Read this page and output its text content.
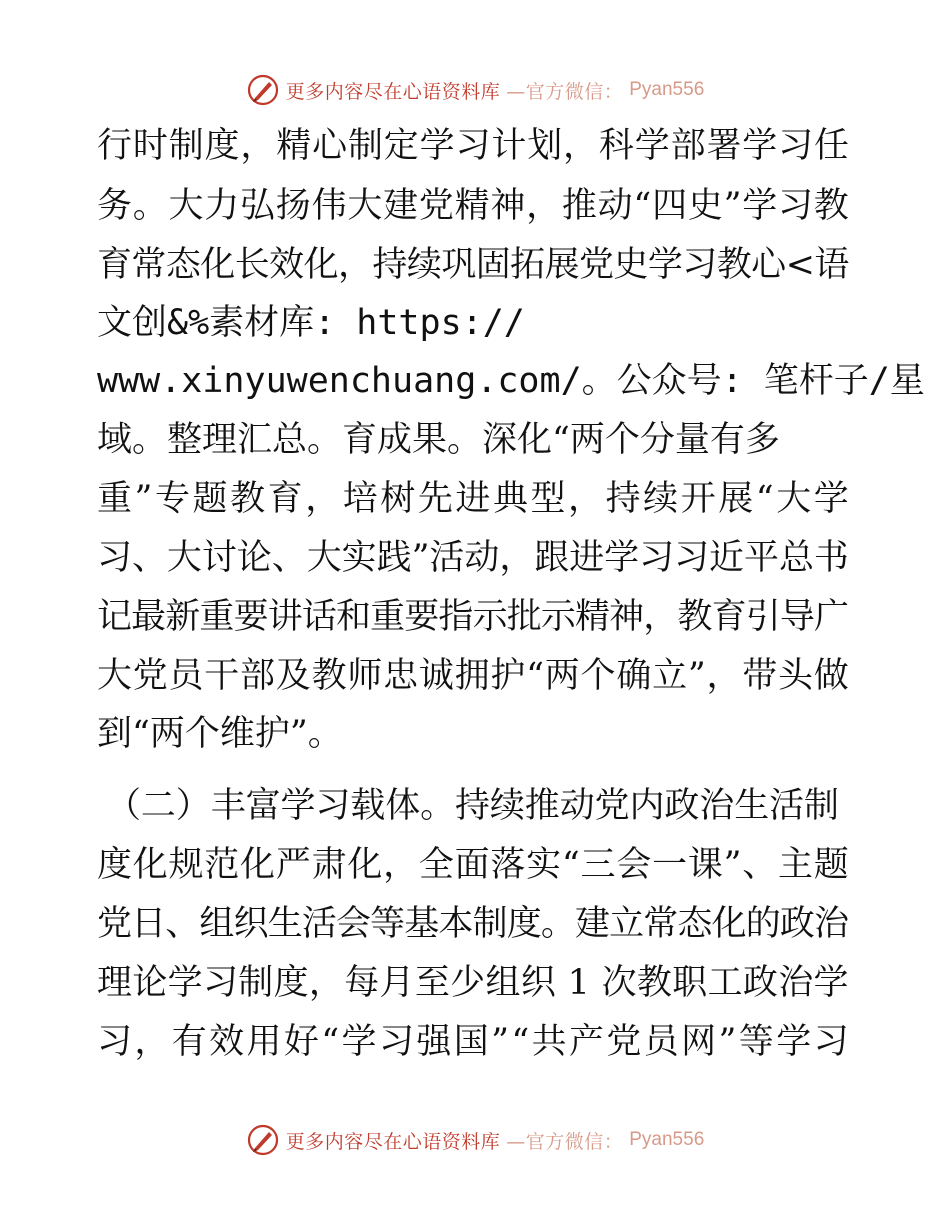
更多内容尽在心语资料库 —官方微信： Pyan556
行时制度，精心制定学习计划，科学部署学习任
务。大力弘扬伟大建党精神，推动“四史”学习教
育常态化长效化，持续巩固拓展党史学习教心<语
文创&%素材库: https://
www.xinyuwenchuang.com/。公众号: 笔杆子/星
域。整理汇总。育成果。深化“两个分量有多
重”专题教育，培树先进典型，持续开展“大学
习、大讨论、大实践”活动，跟进学习习近平总书
记最新重要讲话和重要指示批示精神，教育引导广
大党员干部及教师忠诚拥护“两个确立”，带头做
到“两个维护”。
（二）丰富学习载体。持续推动党内政治生活制
度化规范化严肃化，全面落实“三会一课”、主题
党日、组织生活会等基本制度。建立常态化的政治
理论学习制度，每月至少组织 1 次教职工政治学
习，有效用好“学习强国”“共产党员网”等学习
更多内容尽在心语资料库 —官方微信： Pyan556
